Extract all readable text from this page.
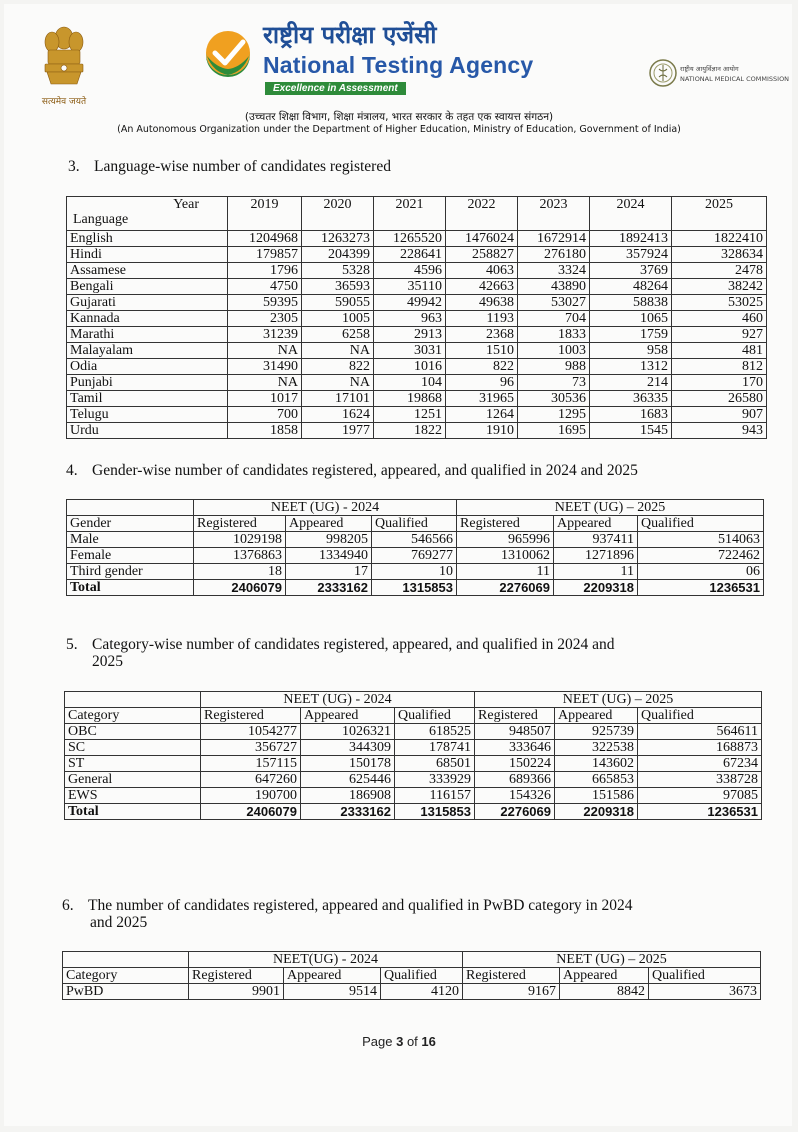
सत्यमेव जयते
राष्ट्रीय परीक्षा एजेंसी
National Testing Agency
Excellence in Assessment
राष्ट्रीय आयुर्विज्ञान आयोग
NATIONAL MEDICAL COMMISSION
(उच्चतर शिक्षा विभाग, शिक्षा मंत्रालय, भारत सरकार के तहत एक स्वायत्त संगठन)
(An Autonomous Organization under the Department of Higher Education, Ministry of Education, Government of India)
3. Language-wise number of candidates registered
Year
Language	2019	2020	2021	2022	2023	2024	2025
English	1204968	1263273	1265520	1476024	1672914	1892413	1822410
Hindi	179857	204399	228641	258827	276180	357924	328634
Assamese	1796	5328	4596	4063	3324	3769	2478
Bengali	4750	36593	35110	42663	43890	48264	38242
Gujarati	59395	59055	49942	49638	53027	58838	53025
Kannada	2305	1005	963	1193	704	1065	460
Marathi	31239	6258	2913	2368	1833	1759	927
Malayalam	NA	NA	3031	1510	1003	958	481
Odia	31490	822	1016	822	988	1312	812
Punjabi	NA	NA	104	96	73	214	170
Tamil	1017	17101	19868	31965	30536	36335	26580
Telugu	700	1624	1251	1264	1295	1683	907
Urdu	1858	1977	1822	1910	1695	1545	943
4. Gender-wise number of candidates registered, appeared, and qualified in 2024 and 2025
	NEET (UG) - 2024			NEET (UG) – 2025		
Gender	Registered	Appeared	Qualified	Registered	Appeared	Qualified
Male	1029198	998205	546566	965996	937411	514063
Female	1376863	1334940	769277	1310062	1271896	722462
Third gender	18	17	10	11	11	06
Total	2406079	2333162	1315853	2276069	2209318	1236531
5. Category-wise number of candidates registered, appeared, and qualified in 2024 and
2025
	NEET (UG) - 2024			NEET (UG) – 2025		
Category	Registered	Appeared	Qualified	Registered	Appeared	Qualified
OBC	1054277	1026321	618525	948507	925739	564611
SC	356727	344309	178741	333646	322538	168873
ST	157115	150178	68501	150224	143602	67234
General	647260	625446	333929	689366	665853	338728
EWS	190700	186908	116157	154326	151586	97085
Total	2406079	2333162	1315853	2276069	2209318	1236531
6. The number of candidates registered, appeared and qualified in PwBD category in 2024
and 2025
	NEET(UG) - 2024			NEET (UG) – 2025		
Category	Registered	Appeared	Qualified	Registered	Appeared	Qualified
PwBD	9901	9514	4120	9167	8842	3673
Page 3 of 16
